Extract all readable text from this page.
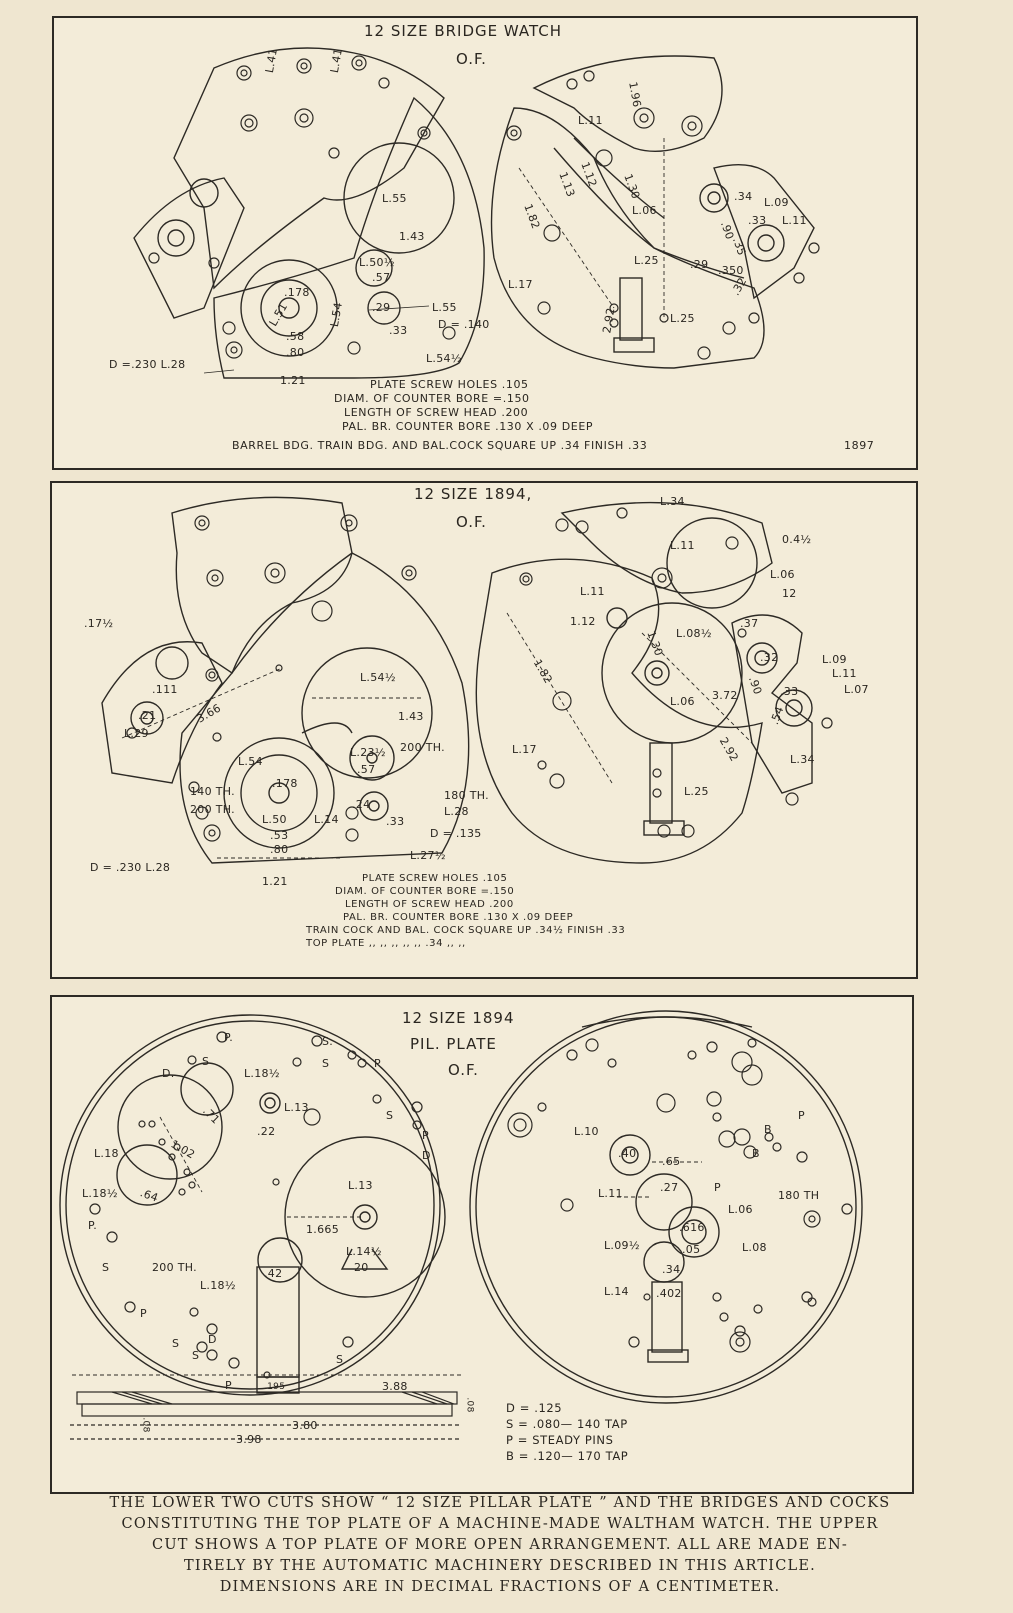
12 SIZE BRIDGE WATCH
O.F.
L.41	L.41
L.55
1.43
L.50½
.57
.178
L.51	L.54
.58
.80
.29
.33
L.55
D = .140
L.54½
D =.230 L.28
1.21
1.96
L.11
1.13 1.12 1.30
L.06
1.82
L.25
L.17
2.92	L.25
.29 .350
.34 L.09
.33 L.11
.90
.35
.32
PLATE SCREW HOLES .105
DIAM. OF COUNTER BORE =.150
LENGTH OF SCREW HEAD .200
PAL. BR. COUNTER BORE .130 X .09 DEEP
BARREL BDG. TRAIN BDG. AND BAL.COCK SQUARE UP .34 FINISH .33	1897
12 SIZE 1894,
O.F.
.17½
.111
.21
L.29
3.66
L.54½
1.43
L.23½ 200 TH.
.57
L.54
140 TH.
200 TH.
.178
L.50 L.14
.53
.80
.24
.33
180 TH.
L.28
D = .135
L.27½
D = .230 L.28
1.21
L.34
L.11	0.4½
L.11
1.12
1.30 L.08½
L.06
12
.37
.32
1.82
L.06 3.72
L.17	2.92
L.25
L.09
L.11
L.07
.90 .33
.54
L.34
PLATE SCREW HOLES .105
DIAM. OF COUNTER BORE =.150
LENGTH OF SCREW HEAD .200
PAL. BR. COUNTER BORE .130 X .09 DEEP
TRAIN COCK AND BAL. COCK SQUARE UP .34½ FINISH .33
TOP PLATE ,, ,, ,, ,, ,, .34 ,, ,,
12 SIZE 1894
PIL. PLATE
O.F.
P.	S.
S	S	P
D.	L.18½
L.13
.22
.71	S
P
D
L.18	1.02
L.18½ .64
L.13
P.	1.665
L.14½
20
S	200 TH.
L.18½
.42
P
S	D
S	S
P	.195	3.88
3.80
3.98
.08
.08
L.10
.40
.65
L.11	.27	P
L.06
B
B
P
180 TH
.616
.05
L.09½	L.08
.34
L.14 .402
D = .125
S = .080— 140 TAP
P = STEADY PINS
B = .120— 170 TAP
THE LOWER TWO CUTS SHOW “ 12 SIZE PILLAR PLATE ” AND THE BRIDGES AND COCKS
CONSTITUTING THE TOP PLATE OF A MACHINE-MADE WALTHAM WATCH. THE UPPER
CUT SHOWS A TOP PLATE OF MORE OPEN ARRANGEMENT. ALL ARE MADE EN-
TIRELY BY THE AUTOMATIC MACHINERY DESCRIBED IN THIS ARTICLE.
DIMENSIONS ARE IN DECIMAL FRACTIONS OF A CENTIMETER.
